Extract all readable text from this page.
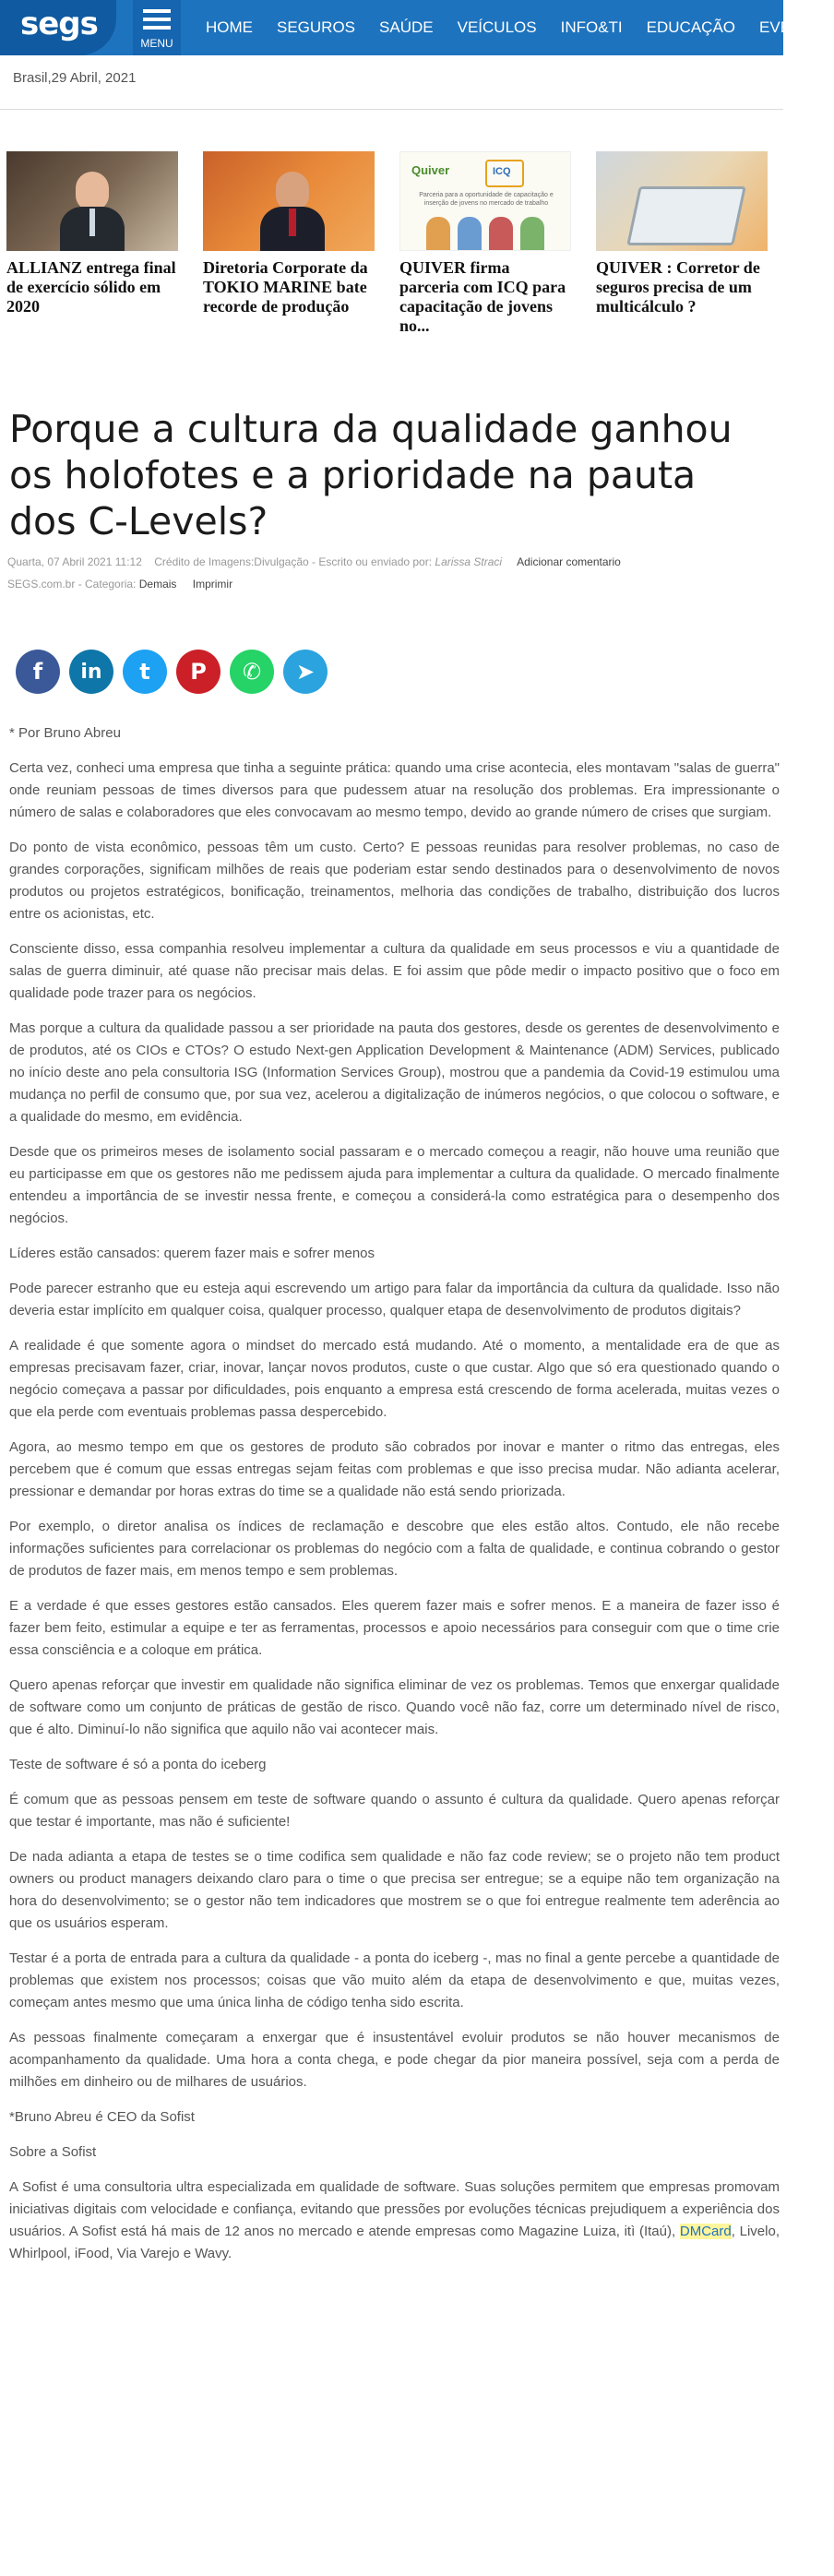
segs
MENU
HOME SEGUROS SAÚDE VEÍCULOS INFO&TI EDUCAÇÃO EVENTOS
Brasil,29 Abril, 2021
ALLIANZ entrega final de exercício sólido em 2020
Diretoria Corporate da TOKIO MARINE bate recorde de produção
Quiver	ICQ
Parceria para a oportunidade de capacitação e inserção de jovens no mercado de trabalho
QUIVER firma parceria com ICQ para capacitação de jovens no...
QUIVER : Corretor de seguros precisa de um multicálculo ?
Porque a cultura da qualidade ganhou os holofotes e a prioridade na pauta dos C-Levels?
Quarta, 07 Abril 2021 11:12 Crédito de Imagens:Divulgação - Escrito ou enviado por: Larissa Straci Adicionar comentario
SEGS.com.br - Categoria: Demais Imprimir
f in t P ✆ ➤

* Por Bruno Abreu

Certa vez, conheci uma empresa que tinha a seguinte prática: quando uma crise acontecia, eles montavam "salas de guerra" onde reuniam pessoas de times diversos para que pudessem atuar na resolução dos problemas. Era impressionante o número de salas e colaboradores que eles convocavam ao mesmo tempo, devido ao grande número de crises que surgiam.

Do ponto de vista econômico, pessoas têm um custo. Certo? E pessoas reunidas para resolver problemas, no caso de grandes corporações, significam milhões de reais que poderiam estar sendo destinados para o desenvolvimento de novos produtos ou projetos estratégicos, bonificação, treinamentos, melhoria das condições de trabalho, distribuição dos lucros entre os acionistas, etc.

Consciente disso, essa companhia resolveu implementar a cultura da qualidade em seus processos e viu a quantidade de salas de guerra diminuir, até quase não precisar mais delas. E foi assim que pôde medir o impacto positivo que o foco em qualidade pode trazer para os negócios.

Mas porque a cultura da qualidade passou a ser prioridade na pauta dos gestores, desde os gerentes de desenvolvimento e de produtos, até os CIOs e CTOs? O estudo Next-gen Application Development & Maintenance (ADM) Services, publicado no início deste ano pela consultoria ISG (Information Services Group), mostrou que a pandemia da Covid-19 estimulou uma mudança no perfil de consumo que, por sua vez, acelerou a digitalização de inúmeros negócios, o que colocou o software, e a qualidade do mesmo, em evidência.

Desde que os primeiros meses de isolamento social passaram e o mercado começou a reagir, não houve uma reunião que eu participasse em que os gestores não me pedissem ajuda para implementar a cultura da qualidade. O mercado finalmente entendeu a importância de se investir nessa frente, e começou a considerá-la como estratégica para o desempenho dos negócios.

Líderes estão cansados: querem fazer mais e sofrer menos

Pode parecer estranho que eu esteja aqui escrevendo um artigo para falar da importância da cultura da qualidade. Isso não deveria estar implícito em qualquer coisa, qualquer processo, qualquer etapa de desenvolvimento de produtos digitais?

A realidade é que somente agora o mindset do mercado está mudando. Até o momento, a mentalidade era de que as empresas precisavam fazer, criar, inovar, lançar novos produtos, custe o que custar. Algo que só era questionado quando o negócio começava a passar por dificuldades, pois enquanto a empresa está crescendo de forma acelerada, muitas vezes o que ela perde com eventuais problemas passa despercebido.

Agora, ao mesmo tempo em que os gestores de produto são cobrados por inovar e manter o ritmo das entregas, eles percebem que é comum que essas entregas sejam feitas com problemas e que isso precisa mudar. Não adianta acelerar, pressionar e demandar por horas extras do time se a qualidade não está sendo priorizada.

Por exemplo, o diretor analisa os índices de reclamação e descobre que eles estão altos. Contudo, ele não recebe informações suficientes para correlacionar os problemas do negócio com a falta de qualidade, e continua cobrando o gestor de produtos de fazer mais, em menos tempo e sem problemas.

E a verdade é que esses gestores estão cansados. Eles querem fazer mais e sofrer menos. E a maneira de fazer isso é fazer bem feito, estimular a equipe e ter as ferramentas, processos e apoio necessários para conseguir com que o time crie essa consciência e a coloque em prática.

Quero apenas reforçar que investir em qualidade não significa eliminar de vez os problemas. Temos que enxergar qualidade de software como um conjunto de práticas de gestão de risco. Quando você não faz, corre um determinado nível de risco, que é alto. Diminuí-lo não significa que aquilo não vai acontecer mais.

Teste de software é só a ponta do iceberg

É comum que as pessoas pensem em teste de software quando o assunto é cultura da qualidade. Quero apenas reforçar que testar é importante, mas não é suficiente!

De nada adianta a etapa de testes se o time codifica sem qualidade e não faz code review; se o projeto não tem product owners ou product managers deixando claro para o time o que precisa ser entregue; se a equipe não tem organização na hora do desenvolvimento; se o gestor não tem indicadores que mostrem se o que foi entregue realmente tem aderência ao que os usuários esperam.

Testar é a porta de entrada para a cultura da qualidade - a ponta do iceberg -, mas no final a gente percebe a quantidade de problemas que existem nos processos; coisas que vão muito além da etapa de desenvolvimento e que, muitas vezes, começam antes mesmo que uma única linha de código tenha sido escrita.

As pessoas finalmente começaram a enxergar que é insustentável evoluir produtos se não houver mecanismos de acompanhamento da qualidade. Uma hora a conta chega, e pode chegar da pior maneira possível, seja com a perda de milhões em dinheiro ou de milhares de usuários.

*Bruno Abreu é CEO da Sofist

Sobre a Sofist

A Sofist é uma consultoria ultra especializada em qualidade de software. Suas soluções permitem que empresas promovam iniciativas digitais com velocidade e confiança, evitando que pressões por evoluções técnicas prejudiquem a experiência dos usuários. A Sofist está há mais de 12 anos no mercado e atende empresas como Magazine Luiza, itì (Itaú), DMCard, Livelo, Whirlpool, iFood, Via Varejo e Wavy.
